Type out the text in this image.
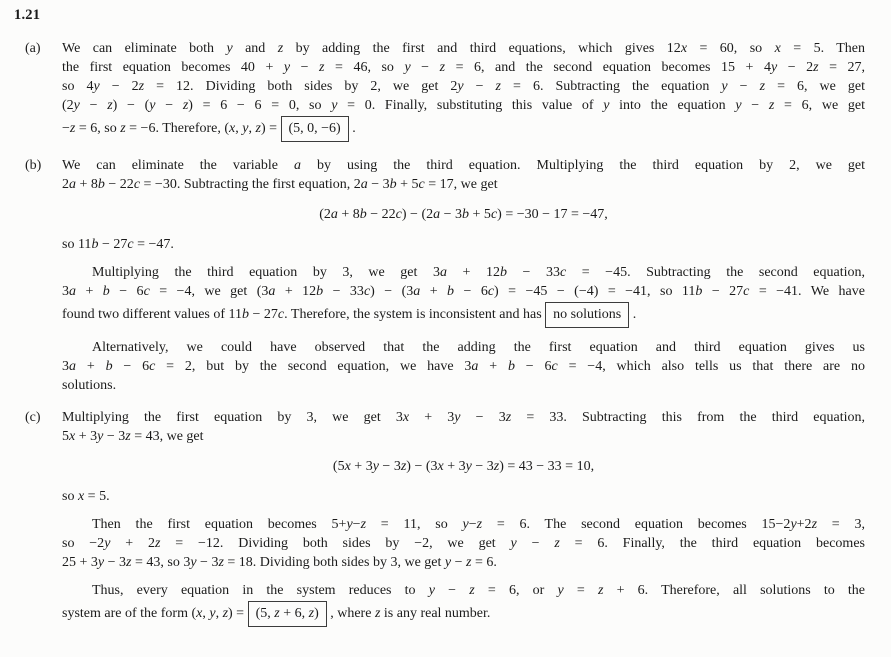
1.21
(a)	We can eliminate both y and z by adding the first and third equations, which gives 12x = 60, so x = 5. Then
the first equation becomes 40 + y − z = 46, so y − z = 6, and the second equation becomes 15 + 4y − 2z = 27,
so 4y − 2z = 12. Dividing both sides by 2, we get 2y − z = 6. Subtracting the equation y − z = 6, we get
(2y − z) − (y − z) = 6 − 6 = 0, so y = 0. Finally, substituting this value of y into the equation y − z = 6, we get
−z = 6, so z = −6. Therefore, (x, y, z) = (5, 0, −6) .
(b)	We can eliminate the variable a by using the third equation. Multiplying the third equation by 2, we get
2a + 8b − 22c = −30. Subtracting the first equation, 2a − 3b + 5c = 17, we get
(2a + 8b − 22c) − (2a − 3b + 5c) = −30 − 17 = −47,
so 11b − 27c = −47.
Multiplying the third equation by 3, we get 3a + 12b − 33c = −45. Subtracting the second equation,
3a + b − 6c = −4, we get (3a + 12b − 33c) − (3a + b − 6c) = −45 − (−4) = −41, so 11b − 27c = −41. We have
found two different values of 11b − 27c. Therefore, the system is inconsistent and has no solutions .
Alternatively, we could have observed that the adding the first equation and third equation gives us
3a + b − 6c = 2, but by the second equation, we have 3a + b − 6c = −4, which also tells us that there are no
solutions.
(c)	Multiplying the first equation by 3, we get 3x + 3y − 3z = 33. Subtracting this from the third equation,
5x + 3y − 3z = 43, we get
(5x + 3y − 3z) − (3x + 3y − 3z) = 43 − 33 = 10,
so x = 5.
Then the first equation becomes 5+y−z = 11, so y−z = 6. The second equation becomes 15−2y+2z = 3,
so −2y + 2z = −12. Dividing both sides by −2, we get y − z = 6. Finally, the third equation becomes
25 + 3y − 3z = 43, so 3y − 3z = 18. Dividing both sides by 3, we get y − z = 6.
Thus, every equation in the system reduces to y − z = 6, or y = z + 6. Therefore, all solutions to the
system are of the form (x, y, z) = (5, z + 6, z) , where z is any real number.
